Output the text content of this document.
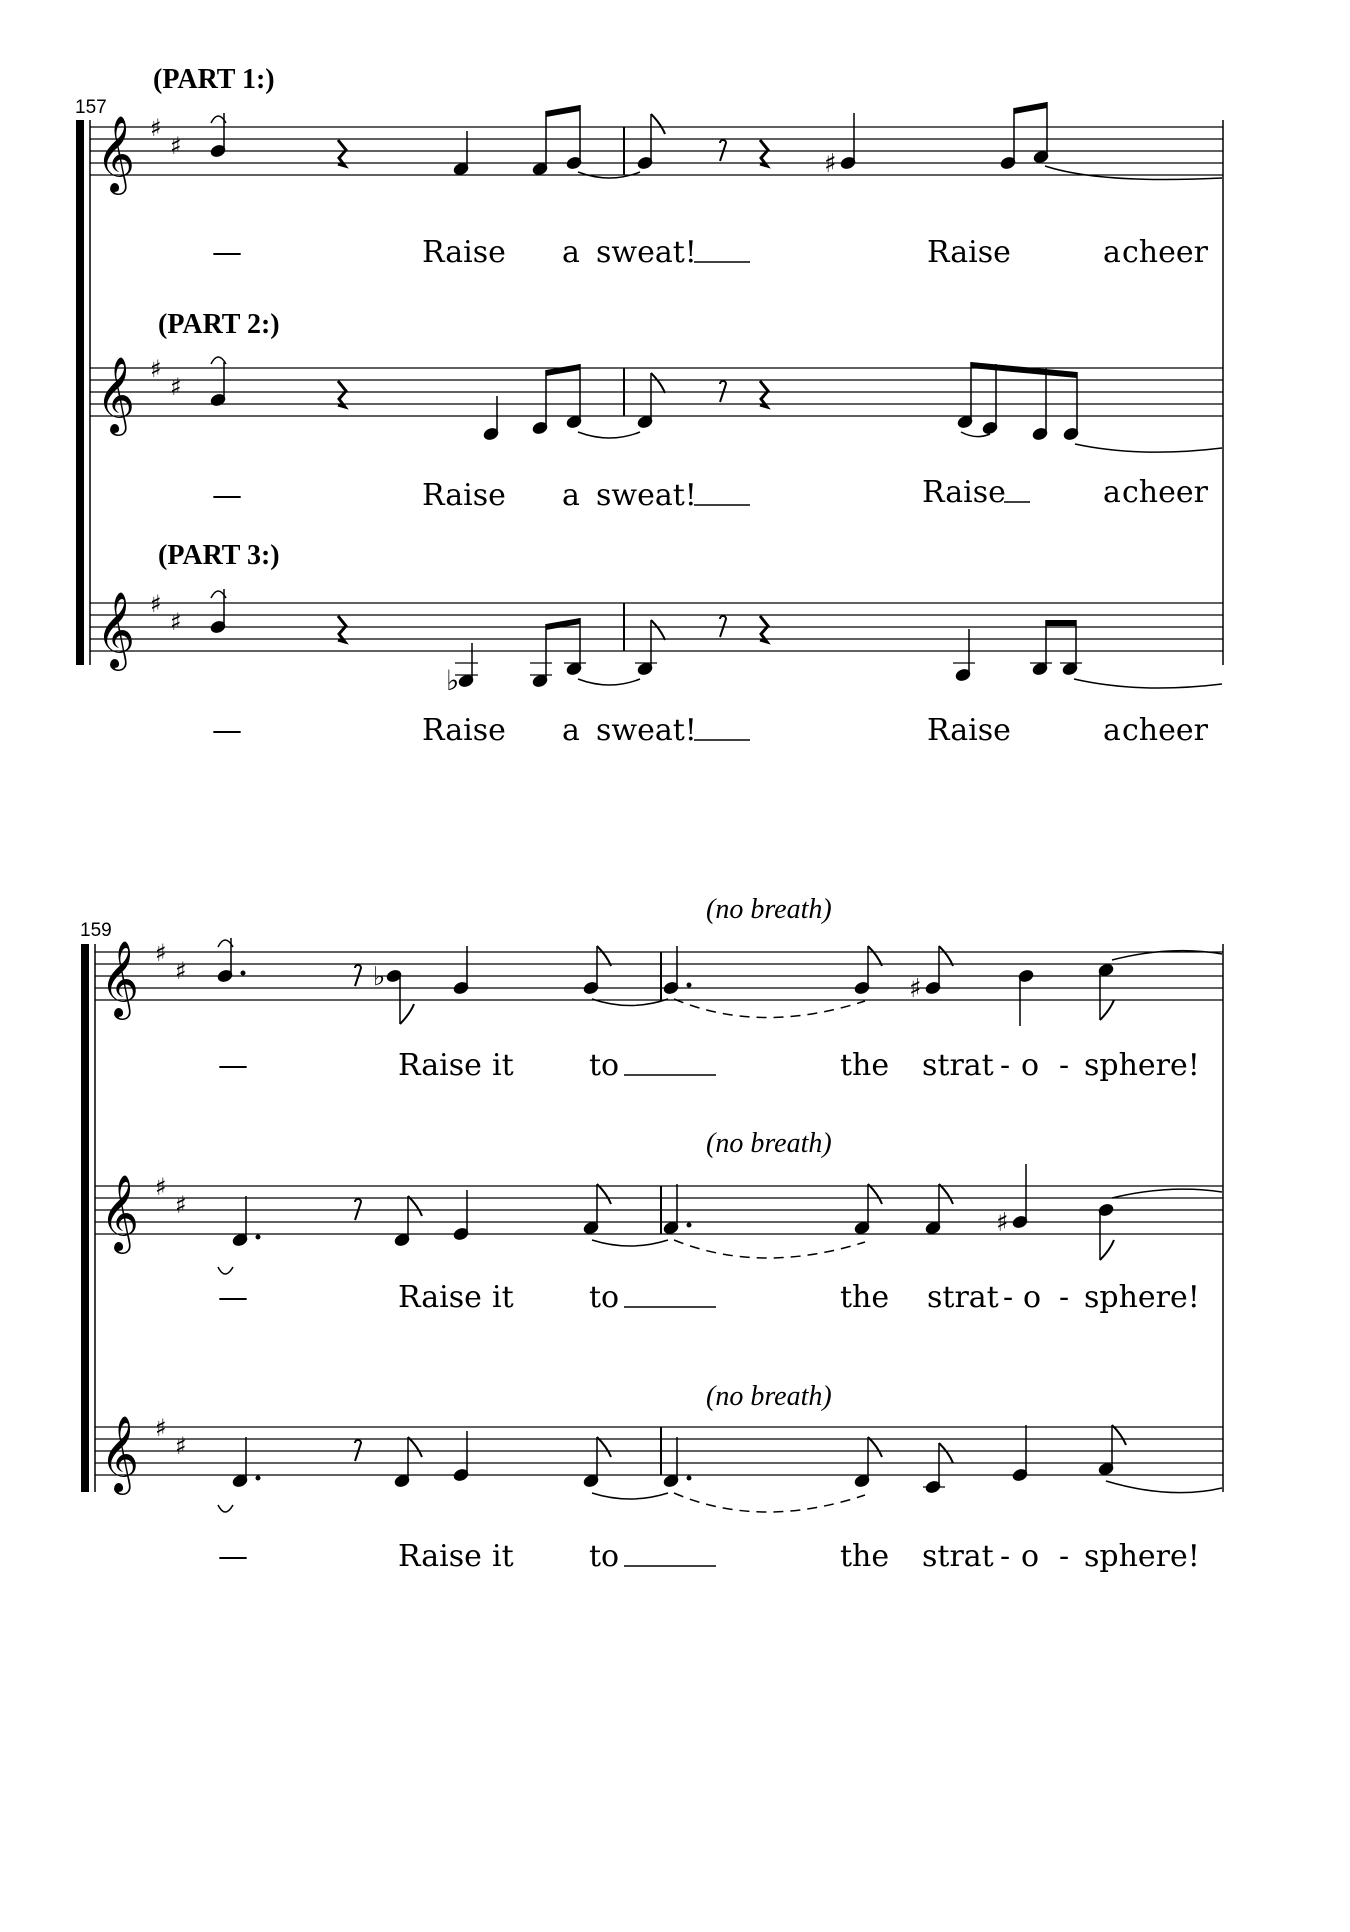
157
(PART 1:)
𝄞 ♯
♯
♯
—	Raise a sweat!	Raise	a cheer
(PART 2:)
𝄞 ♯
♯
—	Raise a sweat!	Raise	a cheer
(PART 3:)
𝄞 ♯
♯
♭
—	Raise a sweat!	Raise	a cheer
159
(no breath)
𝄞 ♯
♯	♭	♯
—	Raise it	to	the strat - o - sphere!
(no breath)
𝄞 ♯
♯
♯
—	Raise it	to	the strat - o - sphere!
(no breath)
𝄞 ♯
♯
—	Raise it	to	the strat - o - sphere!
